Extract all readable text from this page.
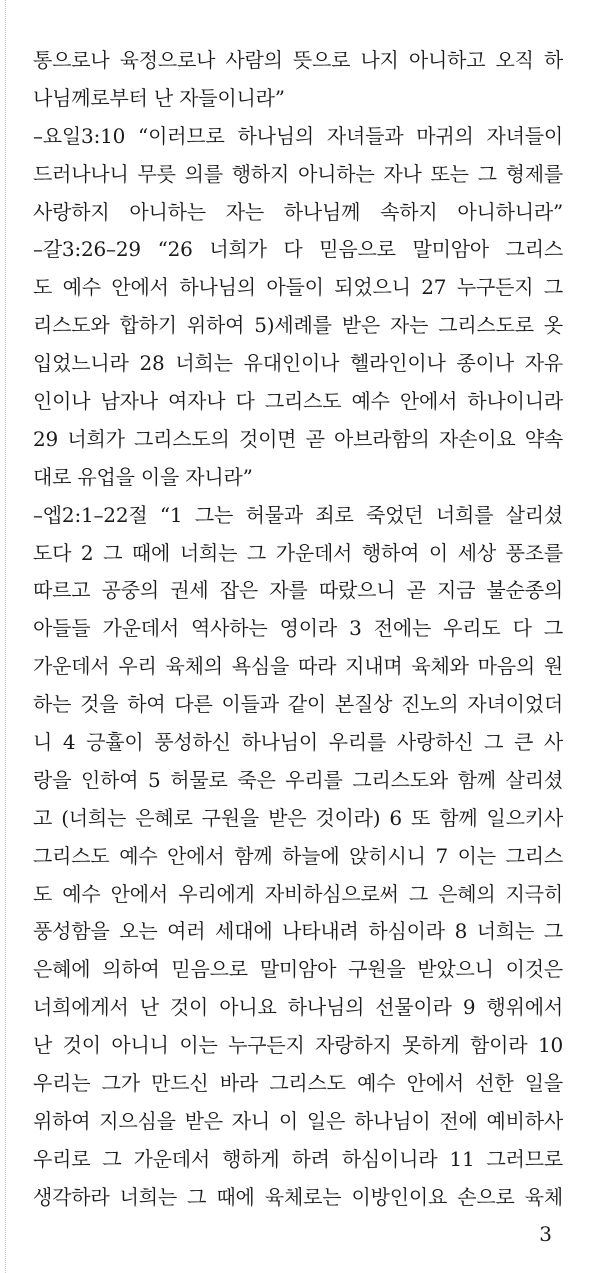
통으로나 육정으로나 사람의 뜻으로 나지 아니하고 오직 하
나님께로부터 난 자들이니라”
–요일3:10 “이러므로 하나님의 자녀들과 마귀의 자녀들이
드러나나니 무릇 의를 행하지 아니하는 자나 또는 그 형제를
사랑하지 아니하는 자는 하나님께 속하지 아니하니라”
–갈3:26–29 “26 너희가 다 믿음으로 말미암아 그리스
도 예수 안에서 하나님의 아들이 되었으니 27 누구든지 그
리스도와 합하기 위하여 5)세례를 받은 자는 그리스도로 옷
입었느니라 28 너희는 유대인이나 헬라인이나 종이나 자유
인이나 남자나 여자나 다 그리스도 예수 안에서 하나이니라
29 너희가 그리스도의 것이면 곧 아브라함의 자손이요 약속
대로 유업을 이을 자니라”
–엡2:1–22절 “1 그는 허물과 죄로 죽었던 너희를 살리셨
도다 2 그 때에 너희는 그 가운데서 행하여 이 세상 풍조를
따르고 공중의 권세 잡은 자를 따랐으니 곧 지금 불순종의
아들들 가운데서 역사하는 영이라 3 전에는 우리도 다 그
가운데서 우리 육체의 욕심을 따라 지내며 육체와 마음의 원
하는 것을 하여 다른 이들과 같이 본질상 진노의 자녀이었더
니 4 긍휼이 풍성하신 하나님이 우리를 사랑하신 그 큰 사
랑을 인하여 5 허물로 죽은 우리를 그리스도와 함께 살리셨
고 (너희는 은혜로 구원을 받은 것이라) 6 또 함께 일으키사
그리스도 예수 안에서 함께 하늘에 앉히시니 7 이는 그리스
도 예수 안에서 우리에게 자비하심으로써 그 은혜의 지극히
풍성함을 오는 여러 세대에 나타내려 하심이라 8 너희는 그
은혜에 의하여 믿음으로 말미암아 구원을 받았으니 이것은
너희에게서 난 것이 아니요 하나님의 선물이라 9 행위에서
난 것이 아니니 이는 누구든지 자랑하지 못하게 함이라 10
우리는 그가 만드신 바라 그리스도 예수 안에서 선한 일을
위하여 지으심을 받은 자니 이 일은 하나님이 전에 예비하사
우리로 그 가운데서 행하게 하려 하심이니라 11 그러므로
생각하라 너희는 그 때에 육체로는 이방인이요 손으로 육체
3
